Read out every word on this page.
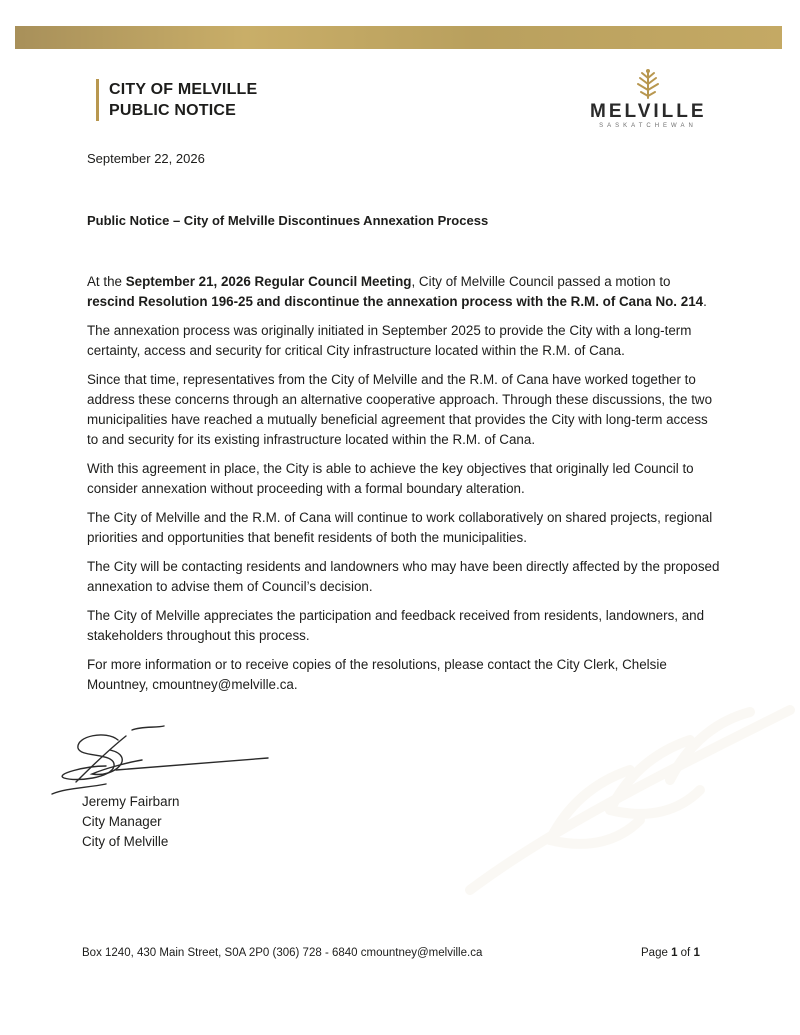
CITY OF MELVILLE
PUBLIC NOTICE	MELVILLE
SASKATCHEWAN
September 22, 2026
Public Notice – City of Melville Discontinues Annexation Process

At the September 21, 2026 Regular Council Meeting, City of Melville Council passed a motion to rescind Resolution 196-25 and discontinue the annexation process with the R.M. of Cana No. 214.

The annexation process was originally initiated in September 2025 to provide the City with a long-term certainty, access and security for critical City infrastructure located within the R.M. of Cana.

Since that time, representatives from the City of Melville and the R.M. of Cana have worked together to address these concerns through an alternative cooperative approach. Through these discussions, the two municipalities have reached a mutually beneficial agreement that provides the City with long-term access to and security for its existing infrastructure located within the R.M. of Cana.

With this agreement in place, the City is able to achieve the key objectives that originally led Council to consider annexation without proceeding with a formal boundary alteration.

The City of Melville and the R.M. of Cana will continue to work collaboratively on shared projects, regional priorities and opportunities that benefit residents of both the municipalities.

The City will be contacting residents and landowners who may have been directly affected by the proposed annexation to advise them of Council’s decision.

The City of Melville appreciates the participation and feedback received from residents, landowners, and stakeholders throughout this process.

For more information or to receive copies of the resolutions, please contact the City Clerk, Chelsie Mountney, cmountney@melville.ca.

Jeremy Fairbarn
City Manager
City of Melville
Box 1240, 430 Main Street, S0A 2P0 (306) 728 - 6840 cmountney@melville.ca	Page 1 of 1
